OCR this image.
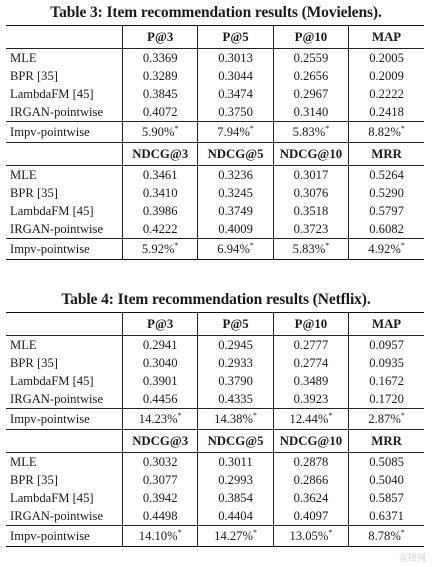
Table 3: Item recommendation results (Movielens).
	P@3	P@5	P@10	MAP
MLE	0.3369	0.3013	0.2559	0.2005
BPR [35]	0.3289	0.3044	0.2656	0.2009
LambdaFM [45]	0.3845	0.3474	0.2967	0.2222
IRGAN-pointwise	0.4072	0.3750	0.3140	0.2418
Impv-pointwise	5.90%*	7.94%*	5.83%*	8.82%*
	NDCG@3	NDCG@5	NDCG@10	MRR
MLE	0.3461	0.3236	0.3017	0.5264
BPR [35]	0.3410	0.3245	0.3076	0.5290
LambdaFM [45]	0.3986	0.3749	0.3518	0.5797
IRGAN-pointwise	0.4222	0.4009	0.3723	0.6082
Impv-pointwise	5.92%*	6.94%*	5.83%*	4.92%*
Table 4: Item recommendation results (Netflix).
	P@3	P@5	P@10	MAP
MLE	0.2941	0.2945	0.2777	0.0957
BPR [35]	0.3040	0.2933	0.2774	0.0935
LambdaFM [45]	0.3901	0.3790	0.3489	0.1672
IRGAN-pointwise	0.4456	0.4335	0.3923	0.1720
Impv-pointwise	14.23%*	14.38%*	12.44%*	2.87%*
	NDCG@3	NDCG@5	NDCG@10	MRR
MLE	0.3032	0.3011	0.2878	0.5085
BPR [35]	0.3077	0.2993	0.2866	0.5040
LambdaFM [45]	0.3942	0.3854	0.3624	0.5857
IRGAN-pointwise	0.4498	0.4404	0.4097	0.6371
Impv-pointwise	14.10%*	14.27%*	13.05%*	8.78%*
雷锋网
